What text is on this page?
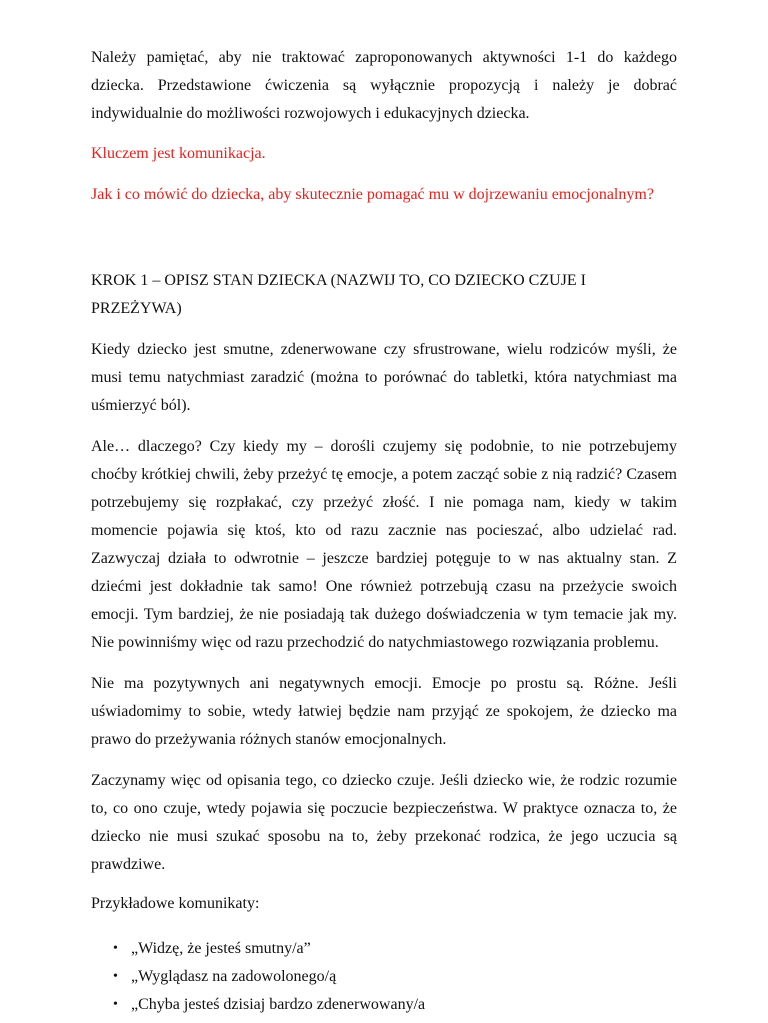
Należy pamiętać, aby nie traktować zaproponowanych aktywności 1-1 do każdego dziecka. Przedstawione ćwiczenia są wyłącznie propozycją i należy je dobrać indywidualnie do możliwości rozwojowych i edukacyjnych dziecka.

Kluczem jest komunikacja.

Jak i co mówić do dziecka, aby skutecznie pomagać mu w dojrzewaniu emocjonalnym?

KROK 1 – OPISZ STAN DZIECKA (NAZWIJ TO, CO DZIECKO CZUJE I PRZEŻYWA)

Kiedy dziecko jest smutne, zdenerwowane czy sfrustrowane, wielu rodziców myśli, że musi temu natychmiast zaradzić (można to porównać do tabletki, która natychmiast ma uśmierzyć ból).

Ale… dlaczego? Czy kiedy my – dorośli czujemy się podobnie, to nie potrzebujemy choćby krótkiej chwili, żeby przeżyć tę emocje, a potem zacząć sobie z nią radzić? Czasem potrzebujemy się rozpłakać, czy przeżyć złość. I nie pomaga nam, kiedy w takim momencie pojawia się ktoś, kto od razu zacznie nas pocieszać, albo udzielać rad. Zazwyczaj działa to odwrotnie – jeszcze bardziej potęguje to w nas aktualny stan. Z dziećmi jest dokładnie tak samo! One również potrzebują czasu na przeżycie swoich emocji. Tym bardziej, że nie posiadają tak dużego doświadczenia w tym temacie jak my. Nie powinniśmy więc od razu przechodzić do natychmiastowego rozwiązania problemu.

Nie ma pozytywnych ani negatywnych emocji. Emocje po prostu są. Różne. Jeśli uświadomimy to sobie, wtedy łatwiej będzie nam przyjąć ze spokojem, że dziecko ma prawo do przeżywania różnych stanów emocjonalnych.

Zaczynamy więc od opisania tego, co dziecko czuje. Jeśli dziecko wie, że rodzic rozumie to, co ono czuje, wtedy pojawia się poczucie bezpieczeństwa. W praktyce oznacza to, że dziecko nie musi szukać sposobu na to, żeby przekonać rodzica, że jego uczucia są prawdziwe.

Przykładowe komunikaty:

• „Widzę, że jesteś smutny/a”
• „Wyglądasz na zadowolonego/ą
• „Chyba jesteś dzisiaj bardzo zdenerwowany/a
